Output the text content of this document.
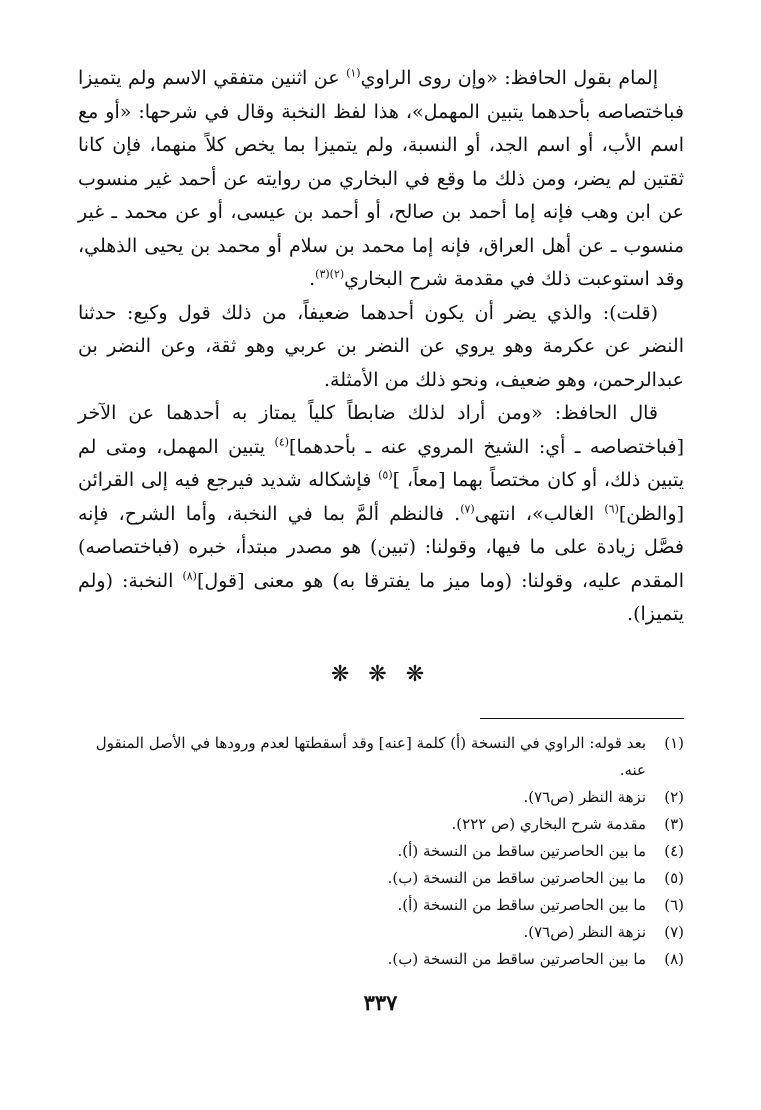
إلمام بقول الحافظ: «وإن روى الراوي$^{(١)}$ عن اثنين متفقي الاسم ولم يتميزا فباختصاصه بأحدهما يتبين المهمل»، هذا لفظ النخبة وقال في شرحها: «أو مع اسم الأب، أو اسم الجد، أو النسبة، ولم يتميزا بما يخص كلاً منهما، فإن كانا ثقتين لم يضر، ومن ذلك ما وقع في البخاري من روايته عن أحمد غير منسوب عن ابن وهب فإنه إما أحمد بن صالح، أو أحمد بن عيسى، أو عن محمد ـ غير منسوب ـ عن أهل العراق، فإنه إما محمد بن سلام أو محمد بن يحيى الذهلي، وقد استوعبت ذلك في مقدمة شرح البخاري$^{(٢)(٣)}$.

(قلت): والذي يضر أن يكون أحدهما ضعيفاً، من ذلك قول وكيع: حدثنا النضر عن عكرمة وهو يروي عن النضر بن عربي وهو ثقة، وعن النضر بن عبدالرحمن، وهو ضعيف، ونحو ذلك من الأمثلة.

قال الحافظ: «ومن أراد لذلك ضابطاً كلياً يمتاز به أحدهما عن الآخر [فباختصاصه ـ أي: الشيخ المروي عنه ـ بأحدهما]$^{(٤)}$ يتبين المهمل، ومتى لم يتبين ذلك، أو كان مختصاً بهما [معاً، ]$^{(٥)}$ فإشكاله شديد فيرجع فيه إلى القرائن [والظن]$^{(٦)}$ الغالب»، انتهى$^{(٧)}$. فالنظم ألمَّ بما في النخبة، وأما الشرح، فإنه فصَّل زيادة على ما فيها، وقولنا: (تبين) هو مصدر مبتدأ، خبره (فباختصاصه) المقدم عليه، وقولنا: (وما ميز ما يفترقا به) هو معنى [قول]$^{(٨)}$ النخبة: (ولم يتميزا).

❋ ❋ ❋
(١)
بعد قوله: الراوي في النسخة (أ) كلمة [عنه] وقد أسقطتها لعدم ورودها في الأصل المنقول عنه.
(٢)
نزهة النظر (ص٧٦).
(٣)
مقدمة شرح البخاري (ص ٢٢٢).
(٤)
ما بين الحاصرتين ساقط من النسخة (أ).
(٥)
ما بين الحاصرتين ساقط من النسخة (ب).
(٦)
ما بين الحاصرتين ساقط من النسخة (أ).
(٧)
نزهة النظر (ص٧٦).
(٨)
ما بين الحاصرتين ساقط من النسخة (ب).
٣٣٧
